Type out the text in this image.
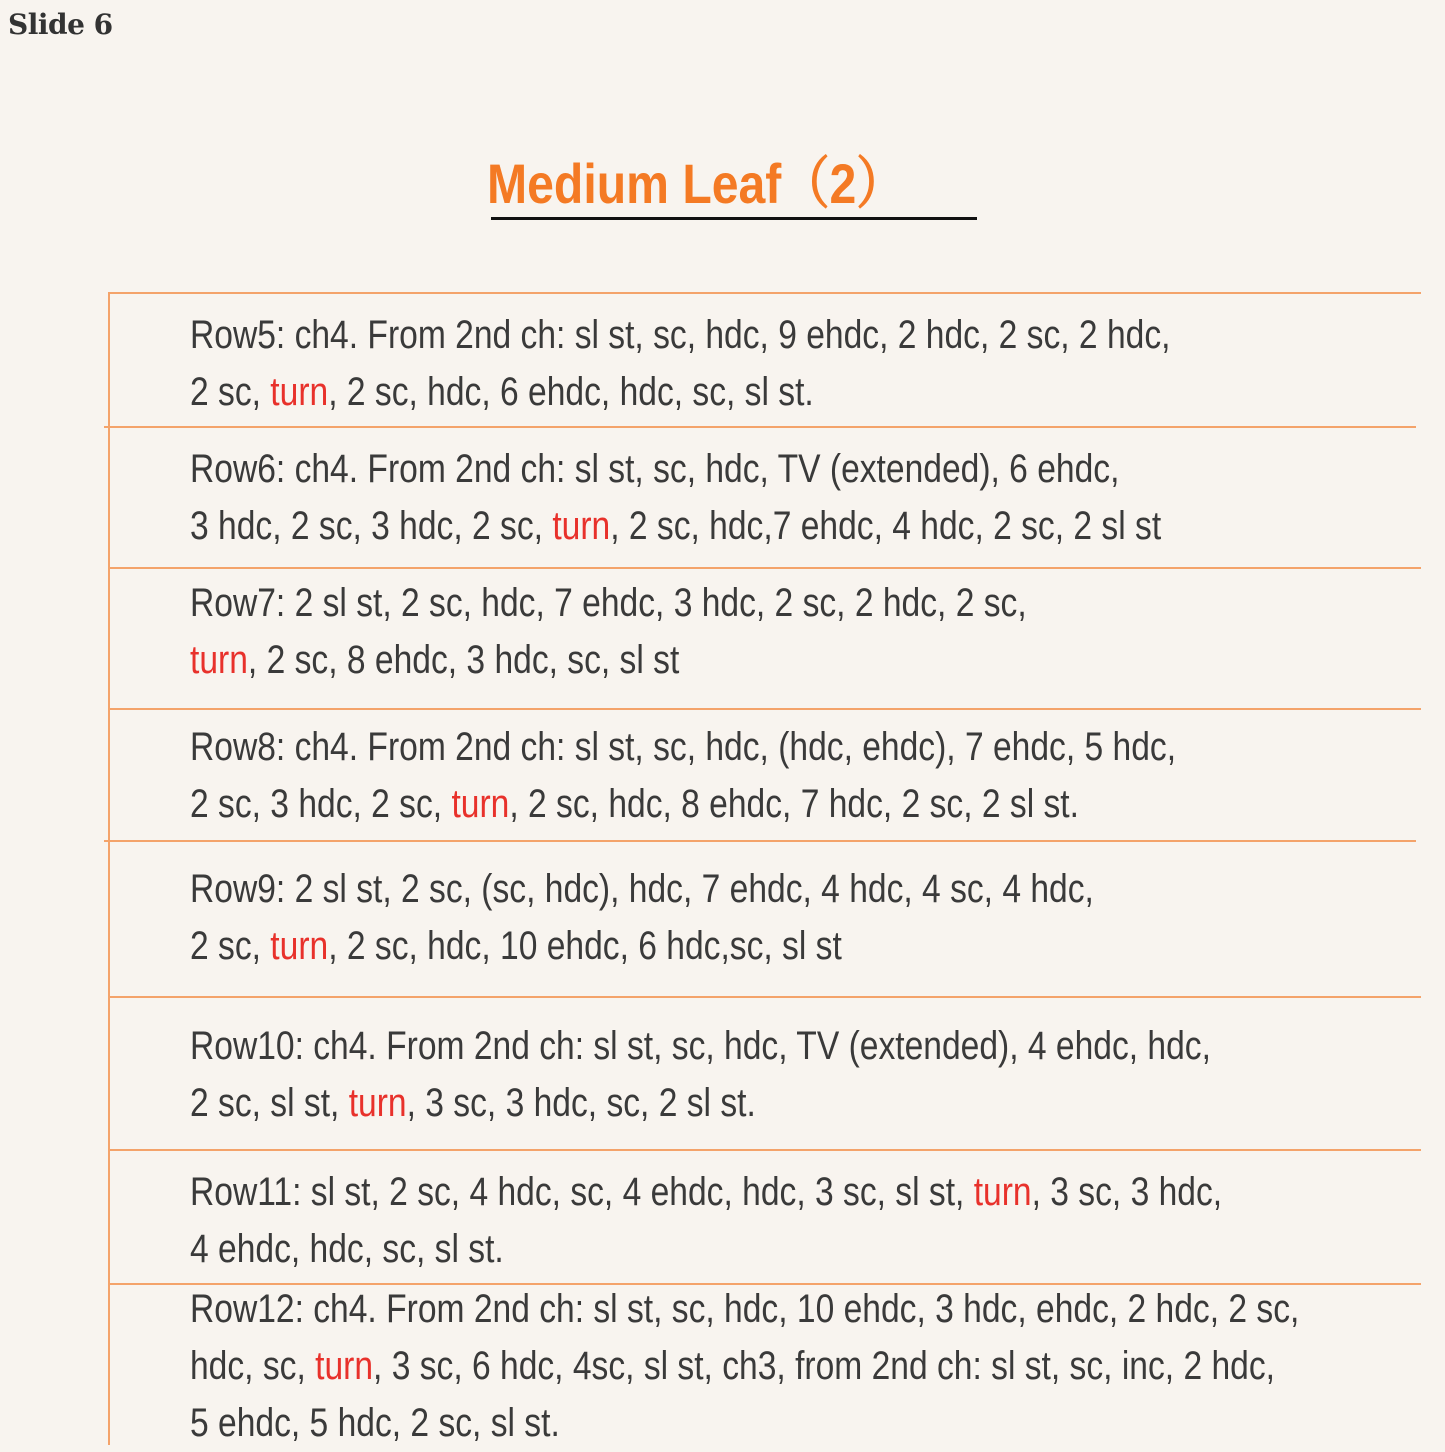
Slide 6
Medium Leaf（2）
Row5: ch4. From 2nd ch: sl st, sc, hdc, 9 ehdc, 2 hdc, 2 sc, 2 hdc,
2 sc, turn, 2 sc, hdc, 6 ehdc, hdc, sc, sl st.
Row6: ch4. From 2nd ch: sl st, sc, hdc, TV (extended), 6 ehdc,
3 hdc, 2 sc, 3 hdc, 2 sc, turn, 2 sc, hdc,7 ehdc, 4 hdc, 2 sc, 2 sl st
Row7: 2 sl st, 2 sc, hdc, 7 ehdc, 3 hdc, 2 sc, 2 hdc, 2 sc,
turn, 2 sc, 8 ehdc, 3 hdc, sc, sl st
Row8: ch4. From 2nd ch: sl st, sc, hdc, (hdc, ehdc), 7 ehdc, 5 hdc,
2 sc, 3 hdc, 2 sc, turn, 2 sc, hdc, 8 ehdc, 7 hdc, 2 sc, 2 sl st.
Row9: 2 sl st, 2 sc, (sc, hdc), hdc, 7 ehdc, 4 hdc, 4 sc, 4 hdc,
2 sc, turn, 2 sc, hdc, 10 ehdc, 6 hdc,sc, sl st
Row10: ch4. From 2nd ch: sl st, sc, hdc, TV (extended), 4 ehdc, hdc,
2 sc, sl st, turn, 3 sc, 3 hdc, sc, 2 sl st.
Row11: sl st, 2 sc, 4 hdc, sc, 4 ehdc, hdc, 3 sc, sl st, turn, 3 sc, 3 hdc,
4 ehdc, hdc, sc, sl st.
Row12: ch4. From 2nd ch: sl st, sc, hdc, 10 ehdc, 3 hdc, ehdc, 2 hdc, 2 sc,
hdc, sc, turn, 3 sc, 6 hdc, 4sc, sl st, ch3, from 2nd ch: sl st, sc, inc, 2 hdc,
5 ehdc, 5 hdc, 2 sc, sl st.
